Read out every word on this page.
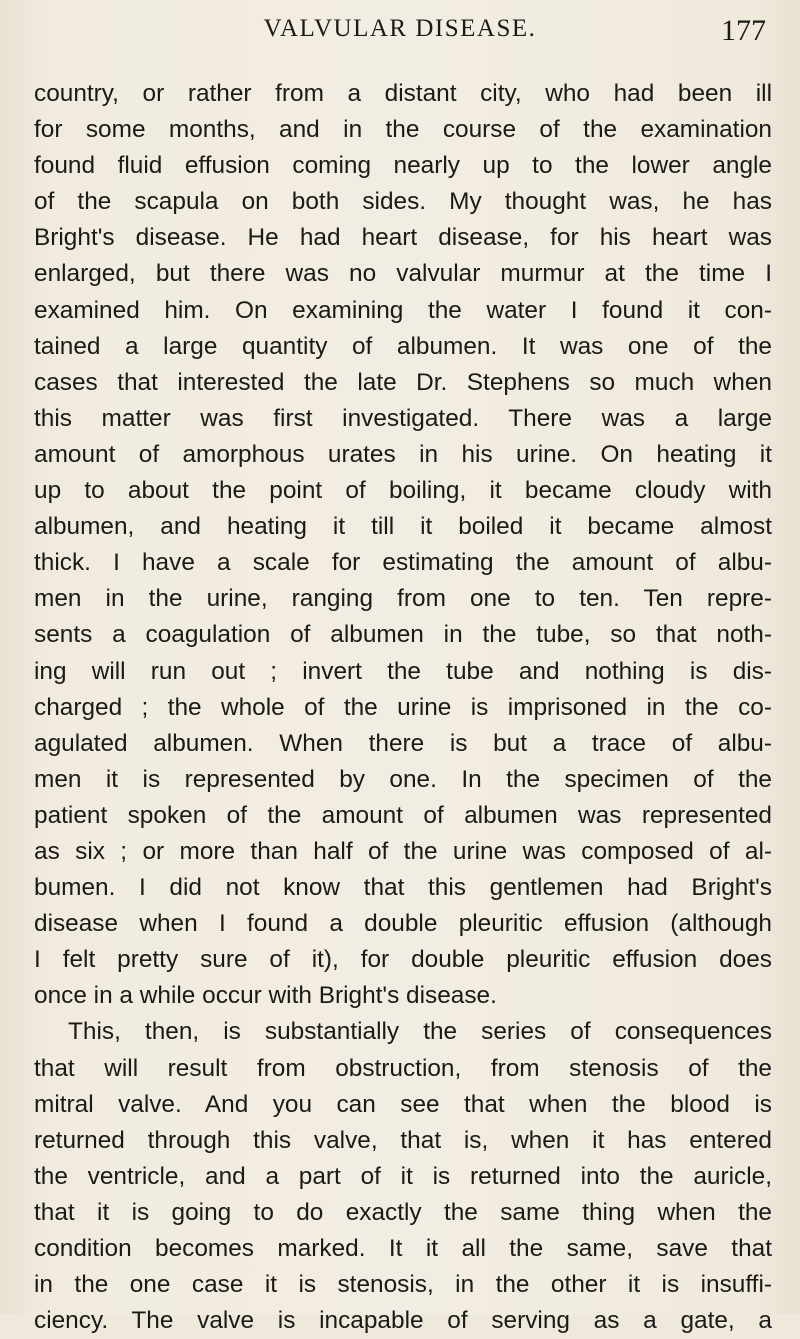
VALVULAR DISEASE.	177
country, or rather from a distant city, who had been ill
for some months, and in the course of the examination
found fluid effusion coming nearly up to the lower angle
of the scapula on both sides. My thought was, he has
Bright's disease. He had heart disease, for his heart was
enlarged, but there was no valvular murmur at the time I
examined him. On examining the water I found it con-
tained a large quantity of albumen. It was one of the
cases that interested the late Dr. Stephens so much when
this matter was first investigated. There was a large
amount of amorphous urates in his urine. On heating it
up to about the point of boiling, it became cloudy with
albumen, and heating it till it boiled it became almost
thick. I have a scale for estimating the amount of albu-
men in the urine, ranging from one to ten. Ten repre-
sents a coagulation of albumen in the tube, so that noth-
ing will run out ; invert the tube and nothing is dis-
charged ; the whole of the urine is imprisoned in the co-
agulated albumen. When there is but a trace of albu-
men it is represented by one. In the specimen of the
patient spoken of the amount of albumen was represented
as six ; or more than half of the urine was composed of al-
bumen. I did not know that this gentlemen had Bright's
disease when I found a double pleuritic effusion (although
I felt pretty sure of it), for double pleuritic effusion does
once in a while occur with Bright's disease.
This, then, is substantially the series of consequences
that will result from obstruction, from stenosis of the
mitral valve. And you can see that when the blood is
returned through this valve, that is, when it has entered
the ventricle, and a part of it is returned into the auricle,
that it is going to do exactly the same thing when the
condition becomes marked. It it all the same, save that
in the one case it is stenosis, in the other it is insuffi-
ciency. The valve is incapable of serving as a gate, a
